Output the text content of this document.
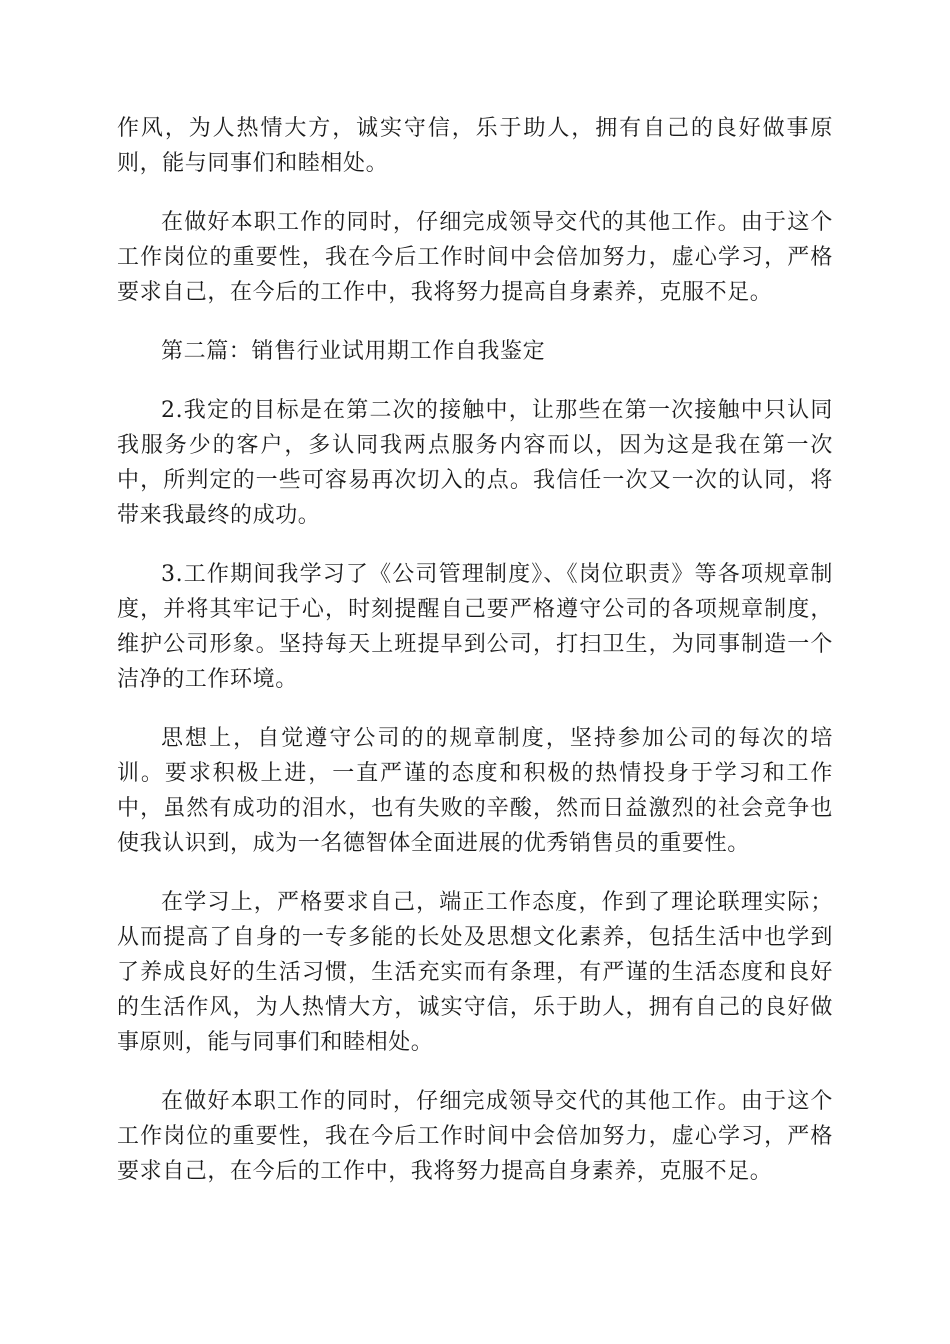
作风，为人热情大方，诚实守信，乐于助人，拥有自己的良好做事原则，能与同事们和睦相处。

在做好本职工作的同时，仔细完成领导交代的其他工作。由于这个工作岗位的重要性，我在今后工作时间中会倍加努力，虚心学习，严格要求自己，在今后的工作中，我将努力提高自身素养，克服不足。

第二篇：销售行业试用期工作自我鉴定

2.我定的目标是在第二次的接触中，让那些在第一次接触中只认同我服务少的客户，多认同我两点服务内容而以，因为这是我在第一次中，所判定的一些可容易再次切入的点。我信任一次又一次的认同，将带来我最终的成功。

3.工作期间我学习了《公司管理制度》、《岗位职责》等各项规章制度，并将其牢记于心，时刻提醒自己要严格遵守公司的各项规章制度，维护公司形象。坚持每天上班提早到公司，打扫卫生，为同事制造一个洁净的工作环境。

思想上，自觉遵守公司的的规章制度，坚持参加公司的每次的培训。要求积极上进，一直严谨的态度和积极的热情投身于学习和工作中，虽然有成功的泪水，也有失败的辛酸，然而日益激烈的社会竞争也使我认识到，成为一名德智体全面进展的优秀销售员的重要性。

在学习上，严格要求自己，端正工作态度，作到了理论联理实际；从而提高了自身的一专多能的长处及思想文化素养，包括生活中也学到了养成良好的生活习惯，生活充实而有条理，有严谨的生活态度和良好的生活作风，为人热情大方，诚实守信，乐于助人，拥有自己的良好做事原则，能与同事们和睦相处。

在做好本职工作的同时，仔细完成领导交代的其他工作。由于这个工作岗位的重要性，我在今后工作时间中会倍加努力，虚心学习，严格要求自己，在今后的工作中，我将努力提高自身素养，克服不足。
